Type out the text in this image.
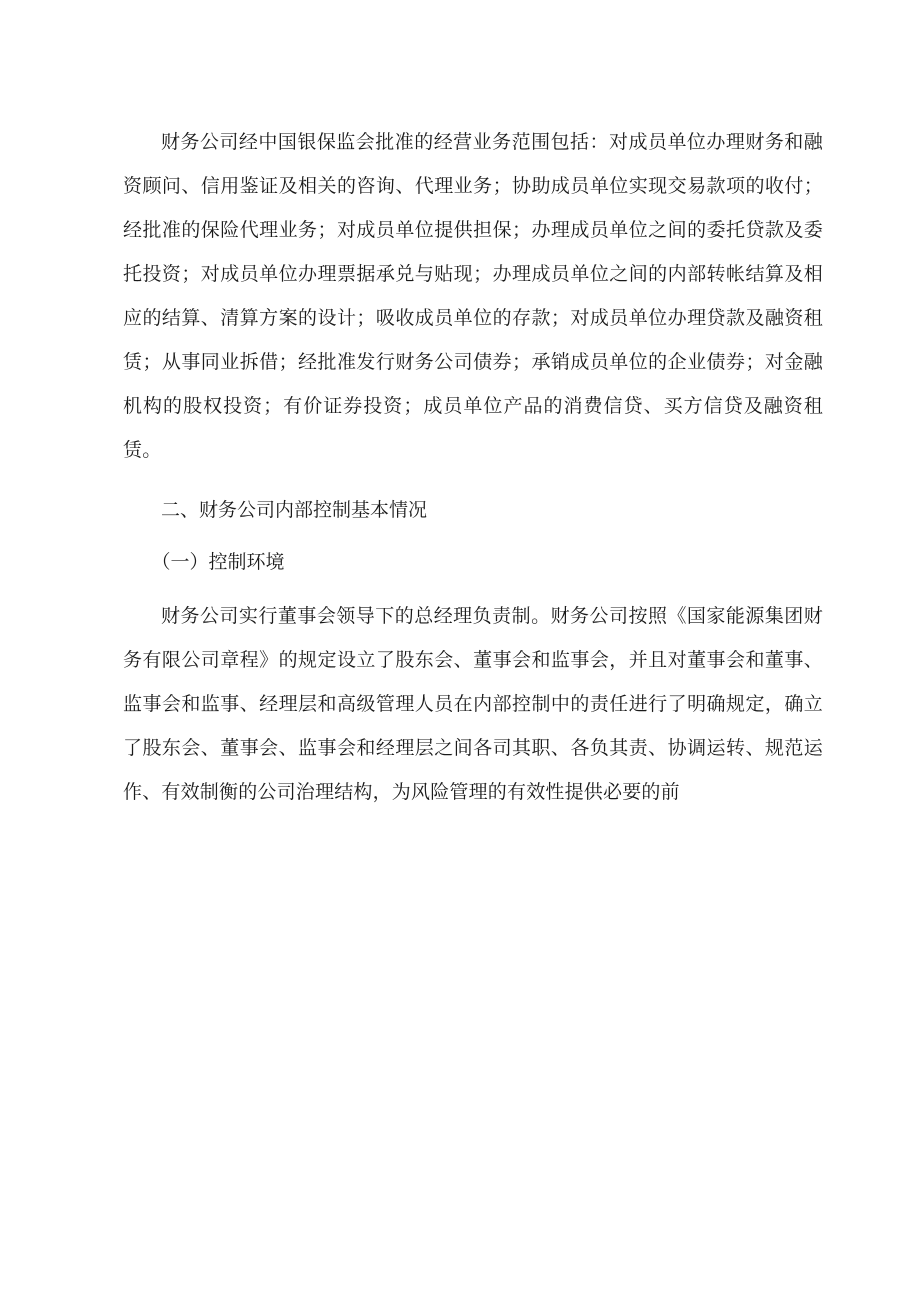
财务公司经中国银保监会批准的经营业务范围包括：对成员单位办理财务和融资顾问、信用鉴证及相关的咨询、代理业务；协助成员单位实现交易款项的收付；经批准的保险代理业务；对成员单位提供担保；办理成员单位之间的委托贷款及委托投资；对成员单位办理票据承兑与贴现；办理成员单位之间的内部转帐结算及相应的结算、清算方案的设计；吸收成员单位的存款；对成员单位办理贷款及融资租赁；从事同业拆借；经批准发行财务公司债券；承销成员单位的企业债券；对金融机构的股权投资；有价证券投资；成员单位产品的消费信贷、买方信贷及融资租赁。

二、财务公司内部控制基本情况

（一）控制环境

财务公司实行董事会领导下的总经理负责制。财务公司按照《国家能源集团财务有限公司章程》的规定设立了股东会、董事会和监事会，并且对董事会和董事、监事会和监事、经理层和高级管理人员在内部控制中的责任进行了明确规定，确立了股东会、董事会、监事会和经理层之间各司其职、各负其责、协调运转、规范运作、有效制衡的公司治理结构，为风险管理的有效性提供必要的前
